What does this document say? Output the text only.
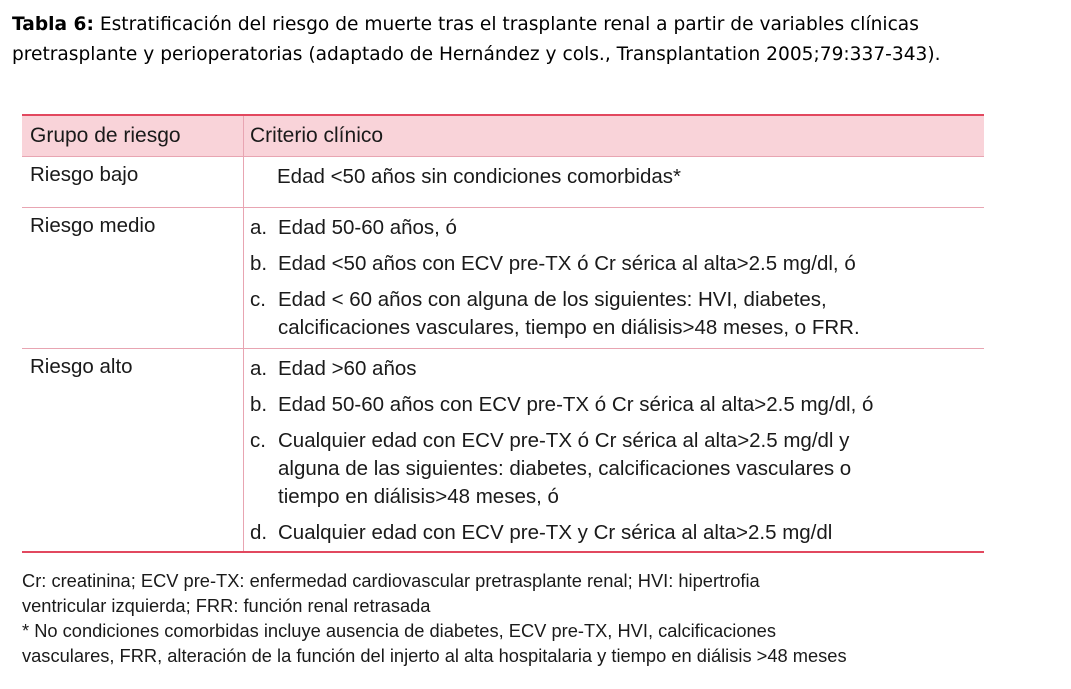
Tabla 6: Estratificación del riesgo de muerte tras el trasplante renal a partir de variables clínicas
pretrasplante y perioperatorias (adaptado de Hernández y cols., Transplantation 2005;79:337-343).
Grupo de riesgo	Criterio clínico
Riesgo bajo	Edad <50 años sin condiciones comorbidas*
Riesgo medio	a. Edad 50-60 años, ó
b. Edad <50 años con ECV pre-TX ó Cr sérica al alta>2.5 mg/dl, ó
c. Edad < 60 años con alguna de los siguientes: HVI, diabetes,
calcificaciones vasculares, tiempo en diálisis>48 meses, o FRR.
Riesgo alto	a. Edad >60 años
b. Edad 50-60 años con ECV pre-TX ó Cr sérica al alta>2.5 mg/dl, ó
c. Cualquier edad con ECV pre-TX ó Cr sérica al alta>2.5 mg/dl y
alguna de las siguientes: diabetes, calcificaciones vasculares o
tiempo en diálisis>48 meses, ó
d. Cualquier edad con ECV pre-TX y Cr sérica al alta>2.5 mg/dl
Cr: creatinina; ECV pre-TX: enfermedad cardiovascular pretrasplante renal; HVI: hipertrofia
ventricular izquierda; FRR: función renal retrasada
* No condiciones comorbidas incluye ausencia de diabetes, ECV pre-TX, HVI, calcificaciones
vasculares, FRR, alteración de la función del injerto al alta hospitalaria y tiempo en diálisis >48 meses
